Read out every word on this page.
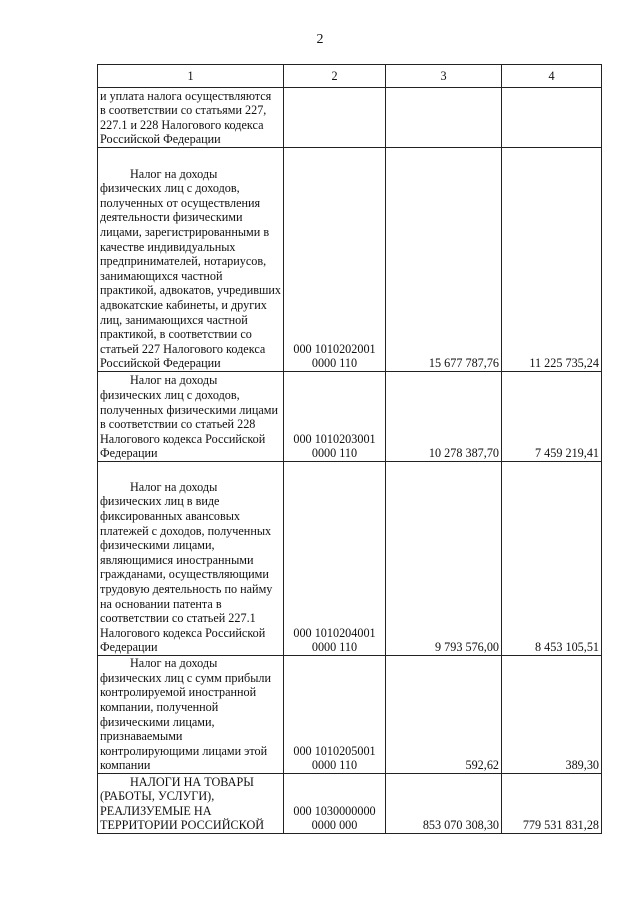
2
1	2	3	4
и уплата налога осуществляются в соответствии со статьями 227, 227.1 и 228 Налогового кодекса Российской Федерации			
Налог на доходы физических лиц с доходов, полученных от осуществления деятельности физическими лицами, зарегистрированными в качестве индивидуальных предпринимателей, нотариусов, занимающихся частной практикой, адвокатов, учредивших адвокатские кабинеты, и других лиц, занимающихся частной практикой, в соответствии со статьей 227 Налогового кодекса Российской Федерации	000 1010202001 0000 110	15 677 787,76	11 225 735,24
Налог на доходы физических лиц с доходов, полученных физическими лицами в соответствии со статьей 228 Налогового кодекса Российской Федерации	000 1010203001 0000 110	10 278 387,70	7 459 219,41
Налог на доходы физических лиц в виде фиксированных авансовых платежей с доходов, полученных физическими лицами, являющимися иностранными гражданами, осуществляющими трудовую деятельность по найму на основании патента в соответствии со статьей 227.1 Налогового кодекса Российской Федерации	000 1010204001 0000 110	9 793 576,00	8 453 105,51
Налог на доходы физических лиц с сумм прибыли контролируемой иностранной компании, полученной физическими лицами, признаваемыми контролирующими лицами этой компании	000 1010205001 0000 110	592,62	389,30
НАЛОГИ НА ТОВАРЫ (РАБОТЫ, УСЛУГИ), РЕАЛИЗУЕМЫЕ НА ТЕРРИТОРИИ РОССИЙСКОЙ	000 1030000000 0000 000	853 070 308,30	779 531 831,28
